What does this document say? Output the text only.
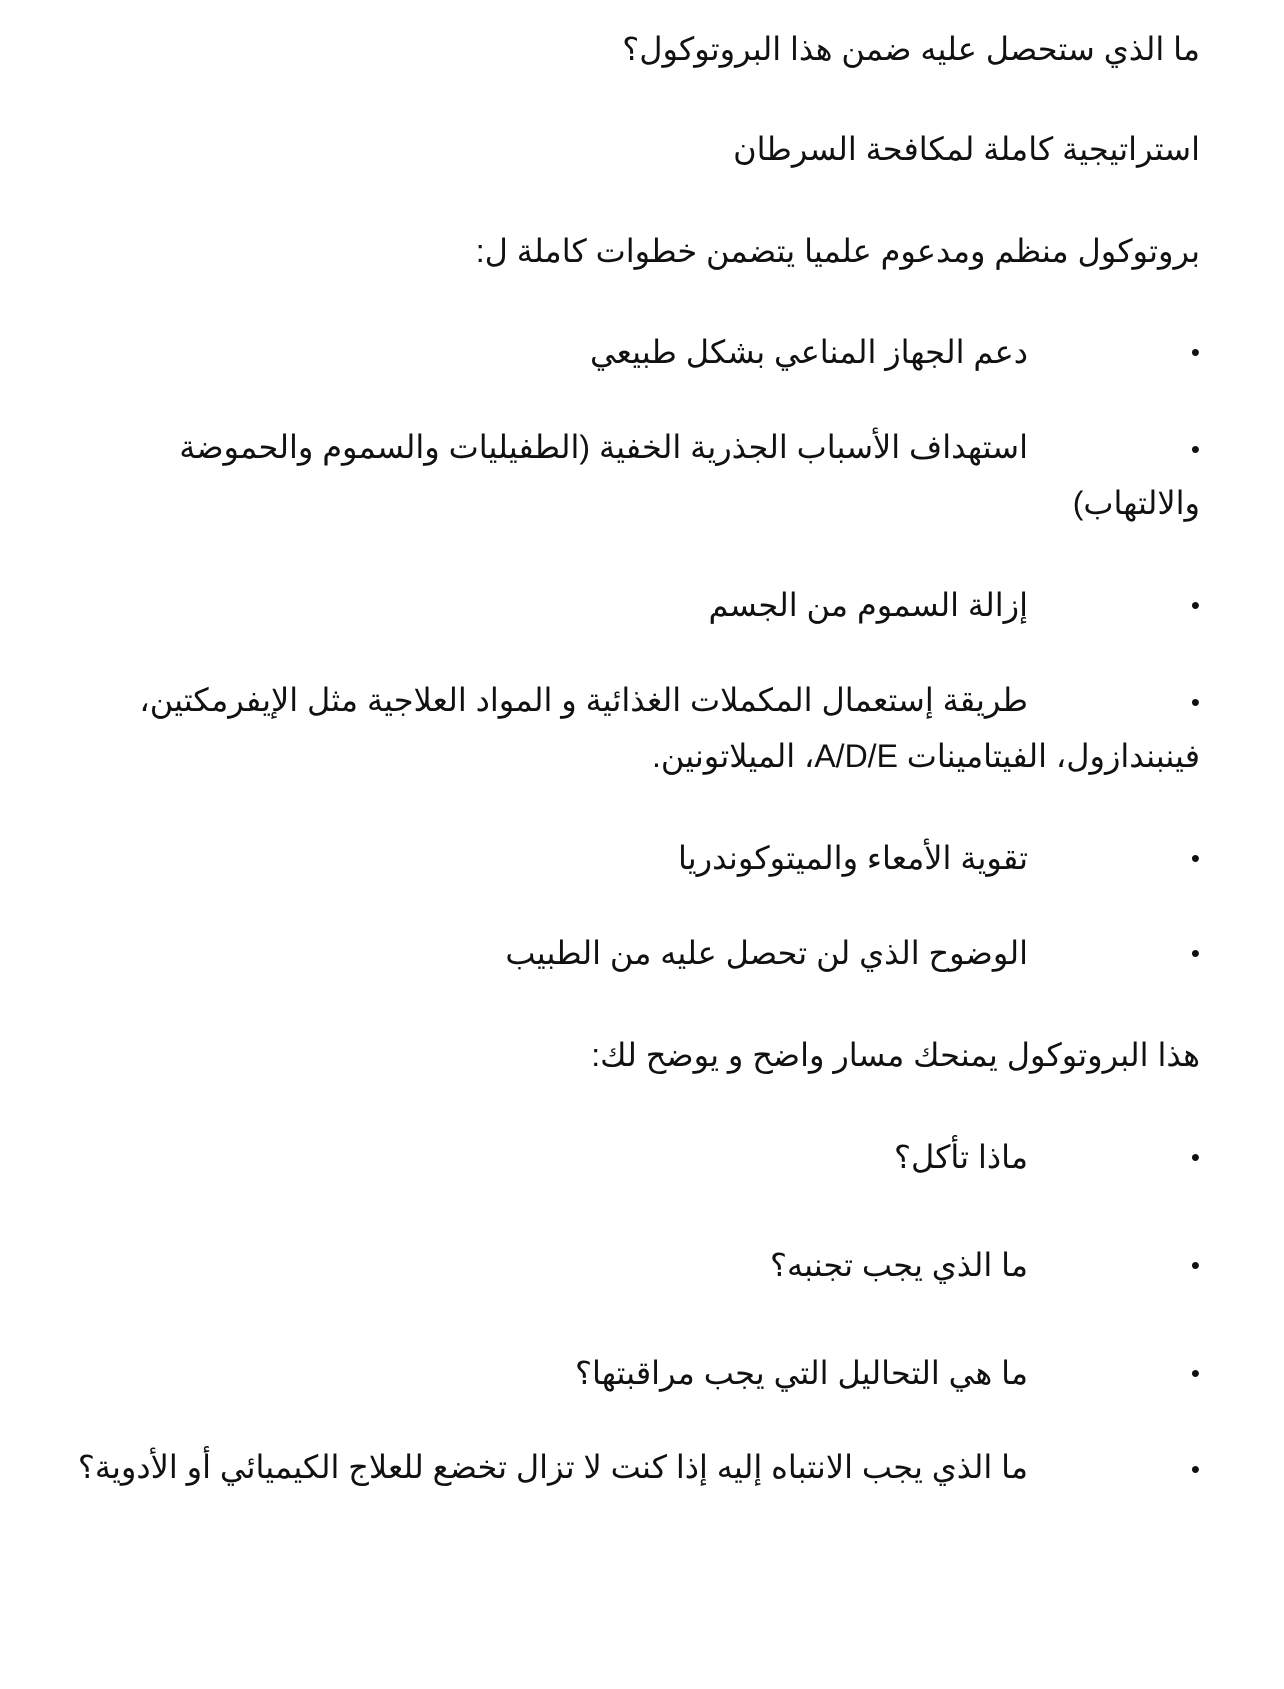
ما الذي ستحصل عليه ضمن هذا البروتوكول؟

استراتيجية كاملة لمكافحة السرطان

بروتوكول منظم ومدعوم علميا يتضمن خطوات كاملة ل:

•
دعم الجهاز المناعي بشكل طبيعي
•استهداف الأسباب الجذرية الخفية (الطفيليات والسموم والحموضة والالتهاب)
•
إزالة السموم من الجسم
•طريقة إستعمال المكملات الغذائية و المواد العلاجية مثل الإيفرمكتين، فينبندازول، الفيتامينات A/D/E، الميلاتونين.
•
تقوية الأمعاء والميتوكوندريا
•
الوضوح الذي لن تحصل عليه من الطبيب

هذا البروتوكول يمنحك مسار واضح و يوضح لك:

•
ماذا تأكل؟
•
ما الذي يجب تجنبه؟
•
ما هي التحاليل التي يجب مراقبتها؟
•ما الذي يجب الانتباه إليه إذا كنت لا تزال تخضع للعلاج الكيميائي أو الأدوية؟
